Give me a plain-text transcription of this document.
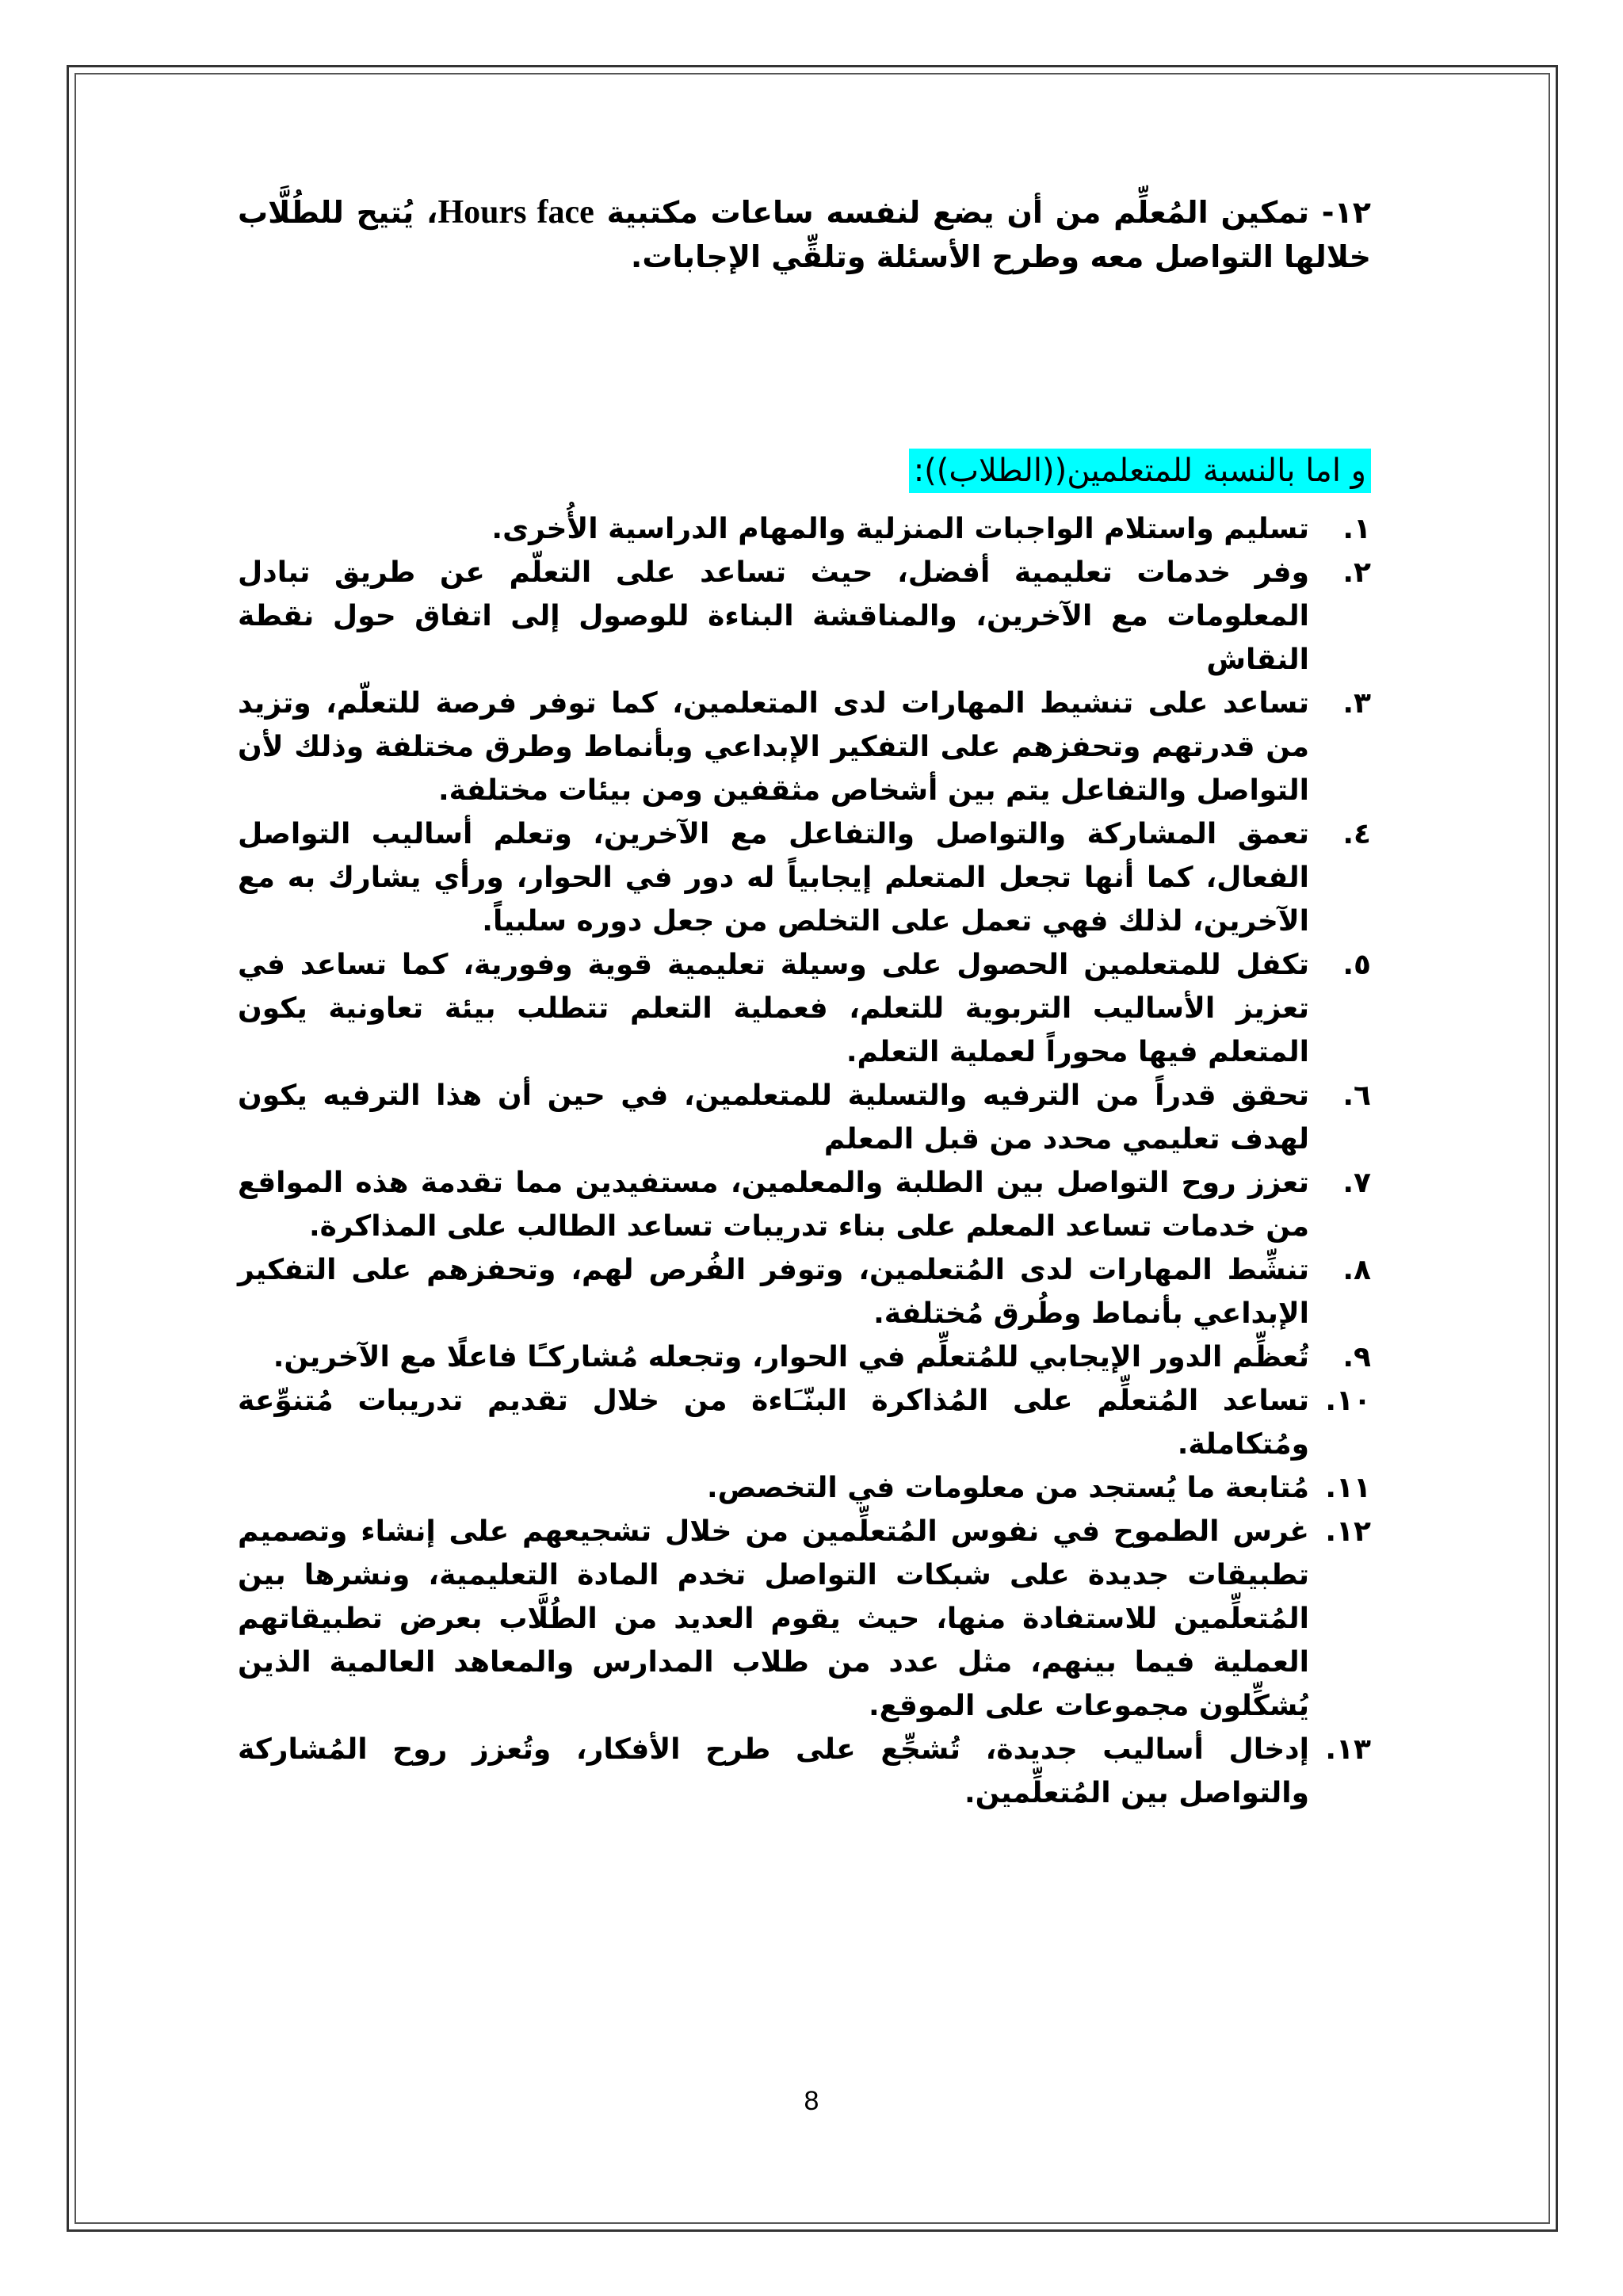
١٢- تمكين المُعلِّم من أن يضع لنفسه ساعات مكتبية Hours face، يُتيح للطُلَّاب خلالها التواصل معه وطرح الأسئلة وتلقِّي الإجابات.

و اما بالنسبة للمتعلمين((الطلاب)):
١.
تسليم واستلام الواجبات المنزلية والمهام الدراسية الأُخرى.
٢.
وفر خدمات تعليمية أفضل، حيث تساعد على التعلّم عن طريق تبادل المعلومات مع الآخرين، والمناقشة البناءة للوصول إلى اتفاق حول نقطة النقاش
٣.
تساعد على تنشيط المهارات لدى المتعلمين، كما توفر فرصة للتعلّم، وتزيد من قدرتهم وتحفزهم على التفكير الإبداعي وبأنماط وطرق مختلفة وذلك لأن التواصل والتفاعل يتم بين أشخاص مثقفين ومن بيئات مختلفة.
٤.
تعمق المشاركة والتواصل والتفاعل مع الآخرين، وتعلم أساليب التواصل الفعال، كما أنها تجعل المتعلم إيجابياً له دور في الحوار، ورأي يشارك به مع الآخرين، لذلك فهي تعمل على التخلص من جعل دوره سلبياً.
٥.
تكفل للمتعلمين الحصول على وسيلة تعليمية قوية وفورية، كما تساعد في تعزيز الأساليب التربوية للتعلم، فعملية التعلم تتطلب بيئة تعاونية يكون المتعلم فيها محوراً لعملية التعلم.
٦.
تحقق قدراً من الترفيه والتسلية للمتعلمين، في حين أن هذا الترفيه يكون لهدف تعليمي محدد من قبل المعلم
٧.
تعزز روح التواصل بين الطلبة والمعلمين، مستفيدين مما تقدمة هذه المواقع من خدمات تساعد المعلم على بناء تدريبات تساعد الطالب على المذاكرة.
٨.
تنشِّط المهارات لدى المُتعلمين، وتوفر الفُرص لهم، وتحفزهم على التفكير الإبداعي بأنماط وطُرق مُختلفة.
٩.
تُعظِّم الدور الإيجابي للمُتعلِّم في الحوار، وتجعله مُشاركـًا فاعلًا مع الآخرين.
١٠.
تساعد المُتعلِّم على المُذاكرة البنّـَاءة من خلال تقديم تدريبات مُتنوِّعة ومُتكاملة.
١١.
مُتابعة ما يُستجد من معلومات في التخصص.
١٢.
غرس الطموح في نفوس المُتعلِّمين من خلال تشجيعهم على إنشاء وتصميم تطبيقات جديدة على شبكات التواصل تخدم المادة التعليمية، ونشرها بين المُتعلِّمين للاستفادة منها، حيث يقوم العديد من الطُلَّاب بعرض تطبيقاتهم العملية فيما بينهم، مثل عدد من طلاب المدارس والمعاهد العالمية الذين يُشكِّلون مجموعات على الموقع.
١٣.
إدخال أساليب جديدة، تُشجِّع على طرح الأفكار، وتُعزز روح المُشاركة والتواصل بين المُتعلِّمين.
8
